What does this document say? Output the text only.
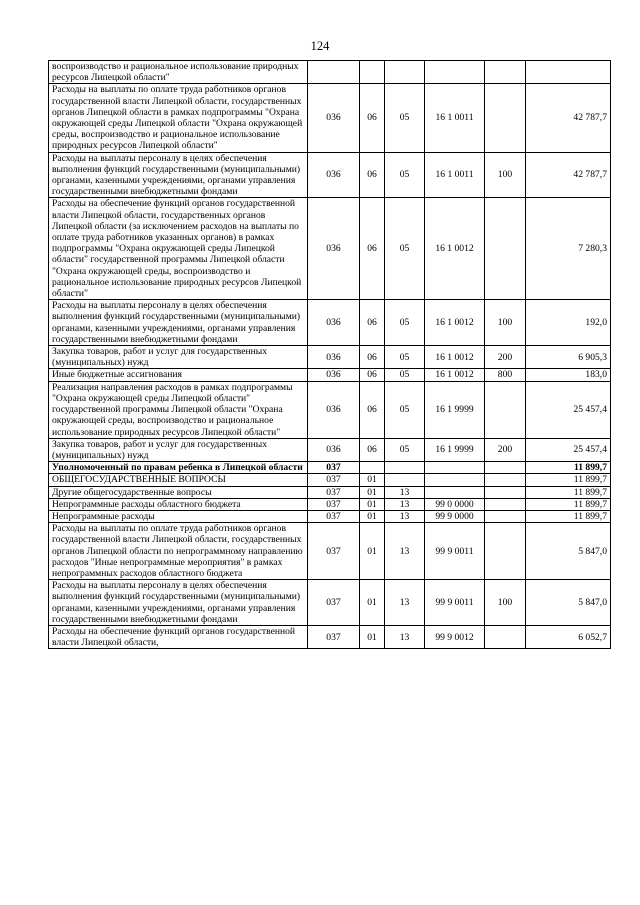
124
воспроизводство и рациональное использование природных ресурсов Липецкой области"						
Расходы на выплаты по оплате труда работников органов государственной власти Липецкой области, государственных органов Липецкой области в рамках подпрограммы "Охрана окружающей среды Липецкой области "Охрана окружающей среды, воспроизводство и рациональное использование природных ресурсов Липецкой области"	036	06	05	16 1 0011		42 787,7
Расходы на выплаты персоналу в целях обеспечения выполнения функций государственными (муниципальными) органами, казенными учреждениями, органами управления государственными внебюджетными фондами	036	06	05	16 1 0011	100	42 787,7
Расходы на обеспечение функций органов государственной власти Липецкой области, государственных органов Липецкой области (за исключением расходов на выплаты по оплате труда работников указанных органов) в рамках подпрограммы "Охрана окружающей среды Липецкой области" государственной программы Липецкой области "Охрана окружающей среды, воспроизводство и рациональное использование природных ресурсов Липецкой области"	036	06	05	16 1 0012		7 280,3
Расходы на выплаты персоналу в целях обеспечения выполнения функций государственными (муниципальными) органами, казенными учреждениями, органами управления государственными внебюджетными фондами	036	06	05	16 1 0012	100	192,0
Закупка товаров, работ и услуг для государственных (муниципальных) нужд	036	06	05	16 1 0012	200	6 905,3
Иные бюджетные ассигнования	036	06	05	16 1 0012	800	183,0
Реализация направления расходов в рамках подпрограммы "Охрана окружающей среды Липецкой области" государственной программы Липецкой области "Охрана окружающей среды, воспроизводство и рациональное использование природных ресурсов Липецкой области"	036	06	05	16 1 9999		25 457,4
Закупка товаров, работ и услуг для государственных (муниципальных) нужд	036	06	05	16 1 9999	200	25 457,4
Уполномоченный по правам ребенка в Липецкой области	037					11 899,7
ОБЩЕГОСУДАРСТВЕННЫЕ ВОПРОСЫ	037	01				11 899,7
Другие общегосударственные вопросы	037	01	13			11 899,7
Непрограммные расходы областного бюджета	037	01	13	99 0 0000		11 899,7
Непрограммные расходы	037	01	13	99 9 0000		11 899,7
Расходы на выплаты по оплате труда работников органов государственной власти Липецкой области, государственных органов Липецкой области по непрограммному направлению расходов "Иные непрограммные мероприятия" в рамках непрограммных расходов областного бюджета	037	01	13	99 9 0011		5 847,0
Расходы на выплаты персоналу в целях обеспечения выполнения функций государственными (муниципальными) органами, казенными учреждениями, органами управления государственными внебюджетными фондами	037	01	13	99 9 0011	100	5 847,0
Расходы на обеспечение функций органов государственной власти Липецкой области,	037	01	13	99 9 0012		6 052,7
